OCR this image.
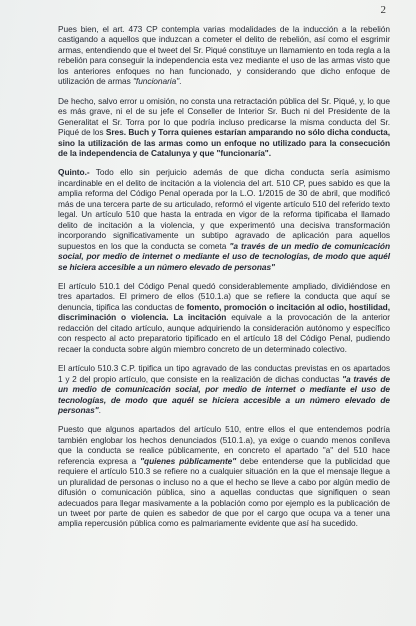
2

Pues bien, el art. 473 CP contempla varias modalidades de la inducción a la rebelión castigando a aquellos que induzcan a cometer el delito de rebelión, así como el esgrimir armas, entendiendo que el tweet del Sr. Piqué constituye un llamamiento en toda regla a la rebelión para conseguir la independencia esta vez mediante el uso de las armas visto que los anteriores enfoques no han funcionado, y considerando que dicho enfoque de utilización de armas "funcionaria".

De hecho, salvo error u omisión, no consta una retractación pública del Sr. Piqué, y, lo que es más grave, ni el de su jefe el Conseller de Interior Sr. Buch ni del Presidente de la Generalitat el Sr. Torra por lo que podría incluso predicarse la misma conducta del Sr. Piqué de los Sres. Buch y Torra quienes estarían amparando no sólo dicha conducta, sino la utilización de las armas como un enfoque no utilizado para la consecución de la independencia de Catalunya y que "funcionaría".

Quinto.- Todo ello sin perjuicio además de que dicha conducta sería asimismo incardinable en el delito de incitación a la violencia del art. 510 CP, pues sabido es que la amplia reforma del Código Penal operada por la L.O. 1/2015 de 30 de abril, que modificó más de una tercera parte de su articulado, reformó el vigente artículo 510 del referido texto legal. Un artículo 510 que hasta la entrada en vigor de la reforma tipificaba el llamado delito de incitación a la violencia, y que experimentó una decisiva transformación incorporando significativamente un subtipo agravado de aplicación para aquellos supuestos en los que la conducta se cometa "a través de un medio de comunicación social, por medio de internet o mediante el uso de tecnologías, de modo que aquél se hiciera accesible a un número elevado de personas"

El artículo 510.1 del Código Penal quedó considerablemente ampliado, dividiéndose en tres apartados. El primero de ellos (510.1.a) que se refiere la conducta que aquí se denuncia, tipifica las conductas de fomento, promoción o incitación al odio, hostilidad, discriminación o violencia. La incitación equivale a la provocación de la anterior redacción del citado artículo, aunque adquiriendo la consideración autónomo y específico con respecto al acto preparatorio tipificado en el artículo 18 del Código Penal, pudiendo recaer la conducta sobre algún miembro concreto de un determinado colectivo.

El artículo 510.3 C.P. tipifica un tipo agravado de las conductas previstas en os apartados 1 y 2 del propio artículo, que consiste en la realización de dichas conductas "a través de un medio de comunicación social, por medio de internet o mediante el uso de tecnologías, de modo que aquél se hiciera accesible a un número elevado de personas".

Puesto que algunos apartados del artículo 510, entre ellos el que entendemos podría también englobar los hechos denunciados (510.1.a), ya exige o cuando menos conlleva que la conducta se realice públicamente, en concreto el apartado "a" del 510 hace referencia expresa a "quienes públicamente" debe entenderse que la publicidad que requiere el artículo 510.3 se refiere no a cualquier situación en la que el mensaje llegue a un pluralidad de personas o incluso no a que el hecho se lleve a cabo por algún medio de difusión o comunicación pública, sino a aquellas conductas que signifiquen o sean adecuados para llegar masivamente a la población como por ejemplo es la publicación de un tweet por parte de quien es sabedor de que por el cargo que ocupa va a tener una amplia repercusión pública como es palmariamente evidente que así ha sucedido.
